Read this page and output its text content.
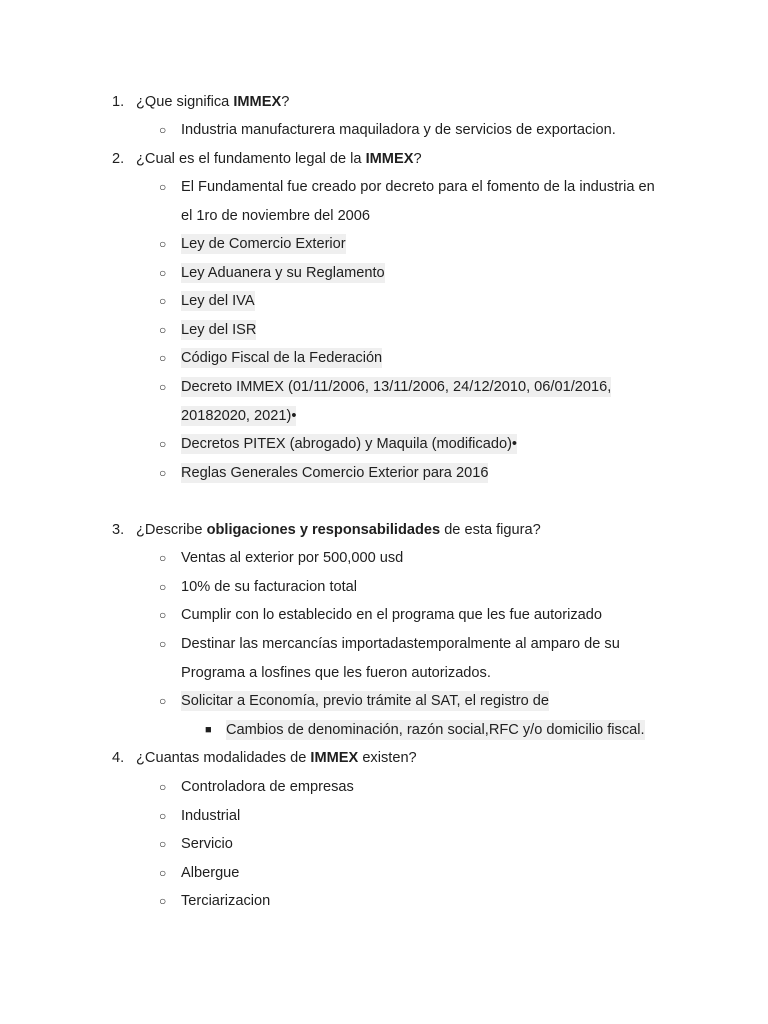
1. ¿Que significa IMMEX?
○ Industria manufacturera maquiladora y de servicios de exportacion.
2. ¿Cual es el fundamento legal de la IMMEX?
○ El Fundamental fue creado por decreto para el fomento de la industria en
el 1ro de noviembre del 2006
○ Ley de Comercio Exterior
○ Ley Aduanera y su Reglamento
○ Ley del IVA
○ Ley del ISR
○ Código Fiscal de la Federación
○ Decreto IMMEX (01/11/2006, 13/11/2006, 24/12/2010, 06/01/2016,
20182020, 2021)•
○ Decretos PITEX (abrogado) y Maquila (modificado)•
○ Reglas Generales Comercio Exterior para 2016
3. ¿Describe obligaciones y responsabilidades de esta figura?
○ Ventas al exterior por 500,000 usd
○ 10% de su facturacion total
○ Cumplir con lo establecido en el programa que les fue autorizado
○ Destinar las mercancías importadastemporalmente al amparo de su
Programa a losfines que les fueron autorizados.
○ Solicitar a Economía, previo trámite al SAT, el registro de
■ Cambios de denominación, razón social,RFC y/o domicilio fiscal.
4. ¿Cuantas modalidades de IMMEX existen?
○ Controladora de empresas
○ Industrial
○ Servicio
○ Albergue
○ Terciarizacion
